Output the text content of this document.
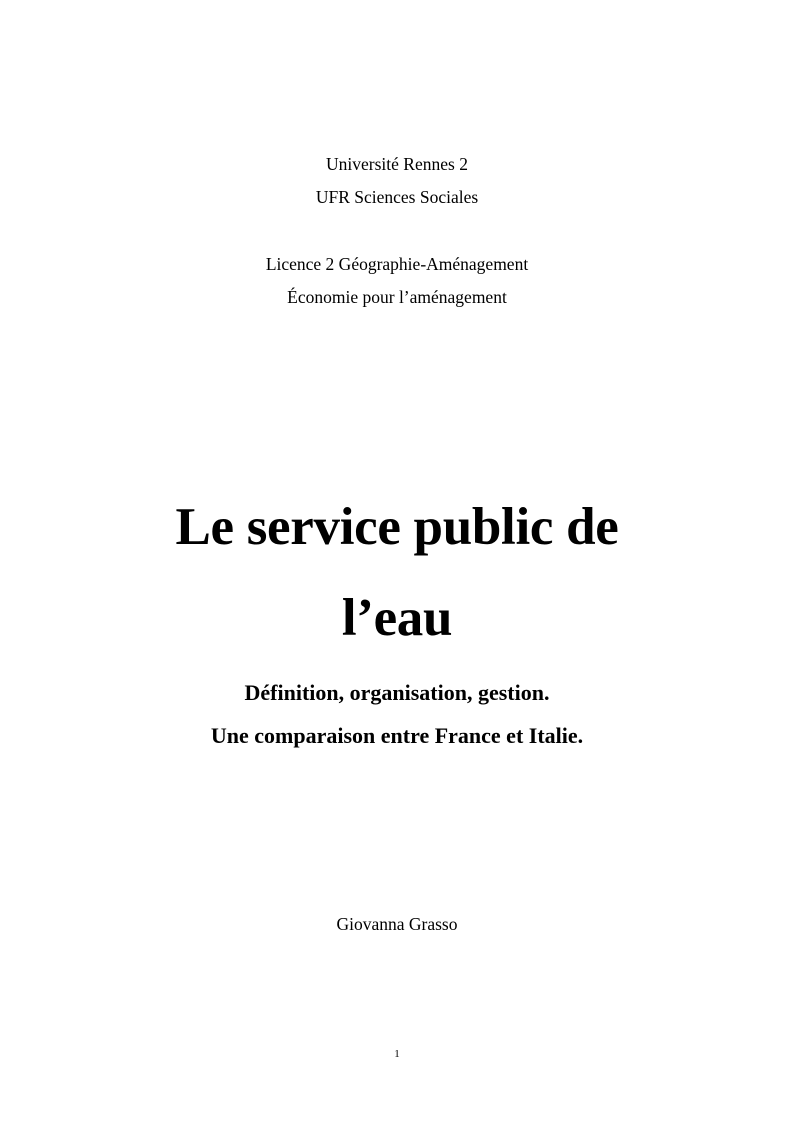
Université Rennes 2
UFR Sciences Sociales
Licence 2 Géographie-Aménagement
Économie pour l’aménagement
Le service public de
l’eau
Définition, organisation, gestion.
Une comparaison entre France et Italie.
Giovanna Grasso
1
